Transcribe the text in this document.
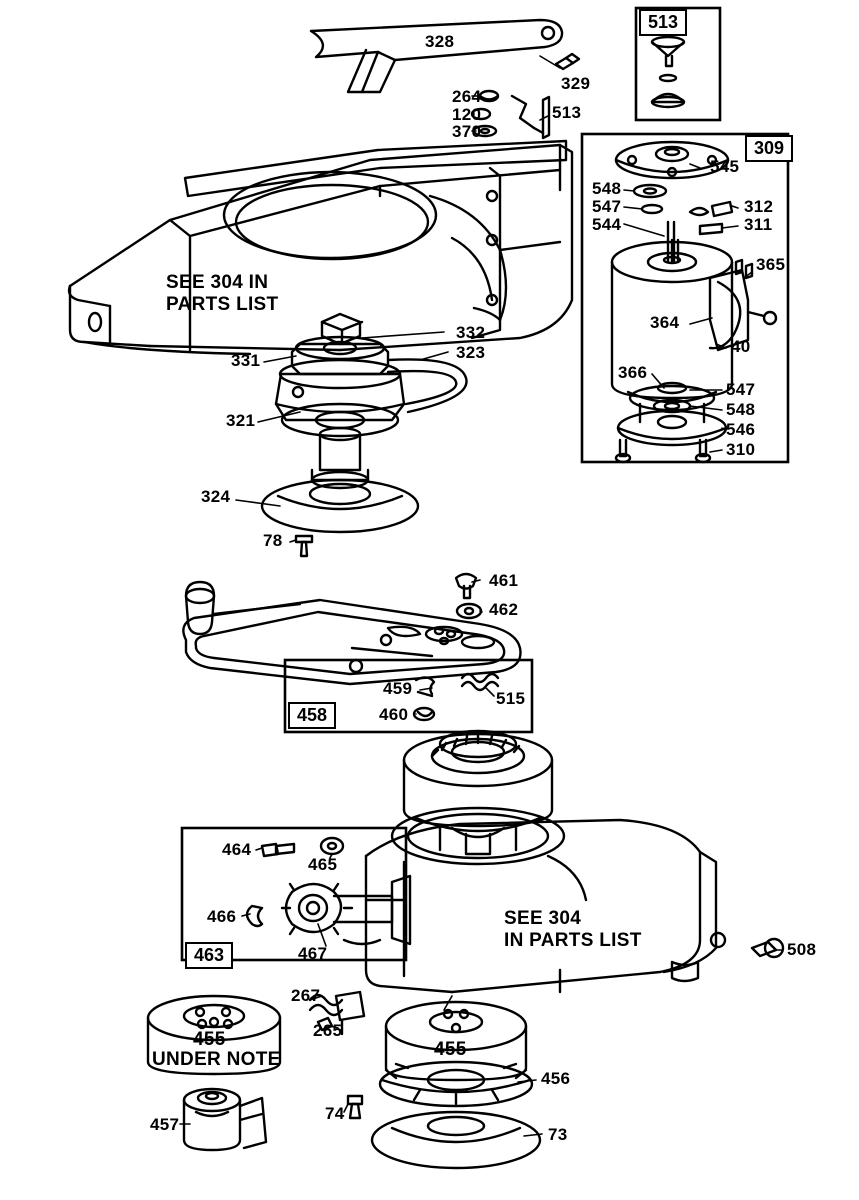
SEE 304 IN
PARTS LIST
SEE 304
IN PARTS LIST
UNDER NOTE
513
309
458
463
328
329
264
120
370
513
545
548
547
544
312
311
365
364
40
366
547
548
546
310
332
323
331
321
324
78
461
462
459
515
460
464
465
466
467	508
267
265
455	455
456
457
74
73
